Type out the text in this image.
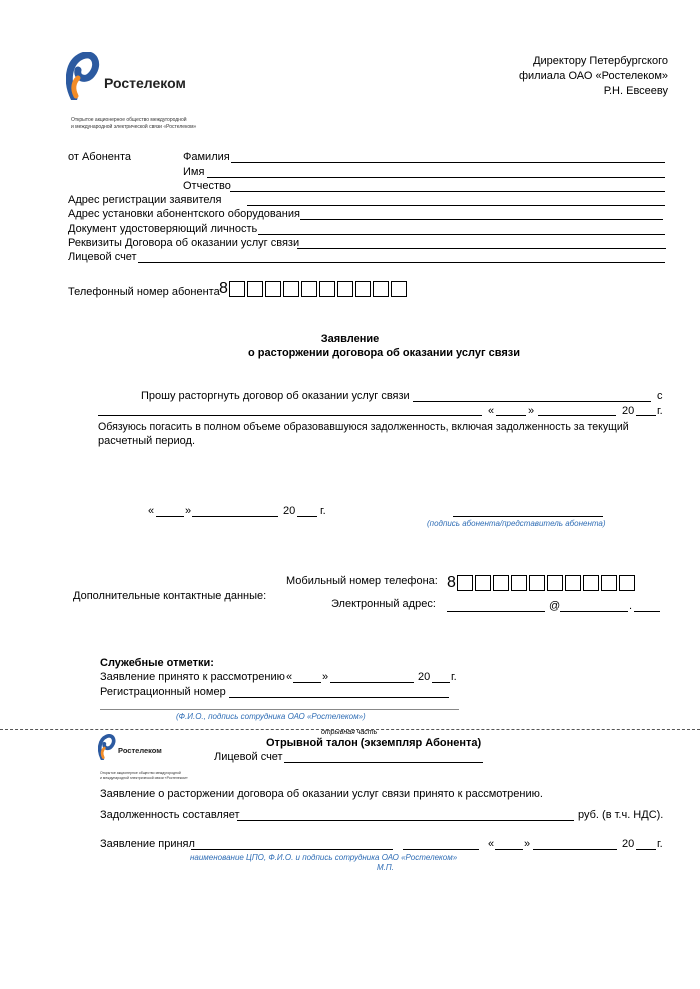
Ростелеком
Открытое акционерное общество междугородной
и международной электрической связи «Ростелеком»
Директору Петербургского
филиала ОАО «Ростелеком»
Р.Н. Евсееву
от Абонента	Фамилия
Имя
Отчество
Адрес регистрации заявителя
Адрес установки абонентского оборудования
Документ удостоверяющий личность
Реквизиты Договора об оказании услуг связи
Лицевой счет
Телефонный номер абонента 8
Заявление
о расторжении договора об оказании услуг связи
Прошу расторгнуть договор об оказании услуг связи	с
«	»	20 г.
Обязуюсь погасить в полном объеме образовавшуюся задолженность, включая задолженность за текущий
расчетный период.
«	»	20 г.
(подпись абонента/представитель абонента)
Мобильный номер телефона: 8
Дополнительные контактные данные:
Электронный адрес:	@	.
Служебные отметки:
Заявление принято к рассмотрению «	»	20 г.
Регистрационный номер
(Ф.И.О., подпись сотрудника ОАО «Ростелеком»)
отрывная часть
Ростелеком
Открытое акционерное общество междугородной
и международной электрической связи «Ростелеком»
Отрывной талон (экземпляр Абонента)
Лицевой счет
Заявление о расторжении договора об оказании услуг связи принято к рассмотрению.
Задолженность составляет	руб. (в т.ч. НДС).
Заявление принял	«	»	20 г.
наименование ЦПО, Ф.И.О. и подпись сотрудника ОАО «Ростелеком»
М.П.
